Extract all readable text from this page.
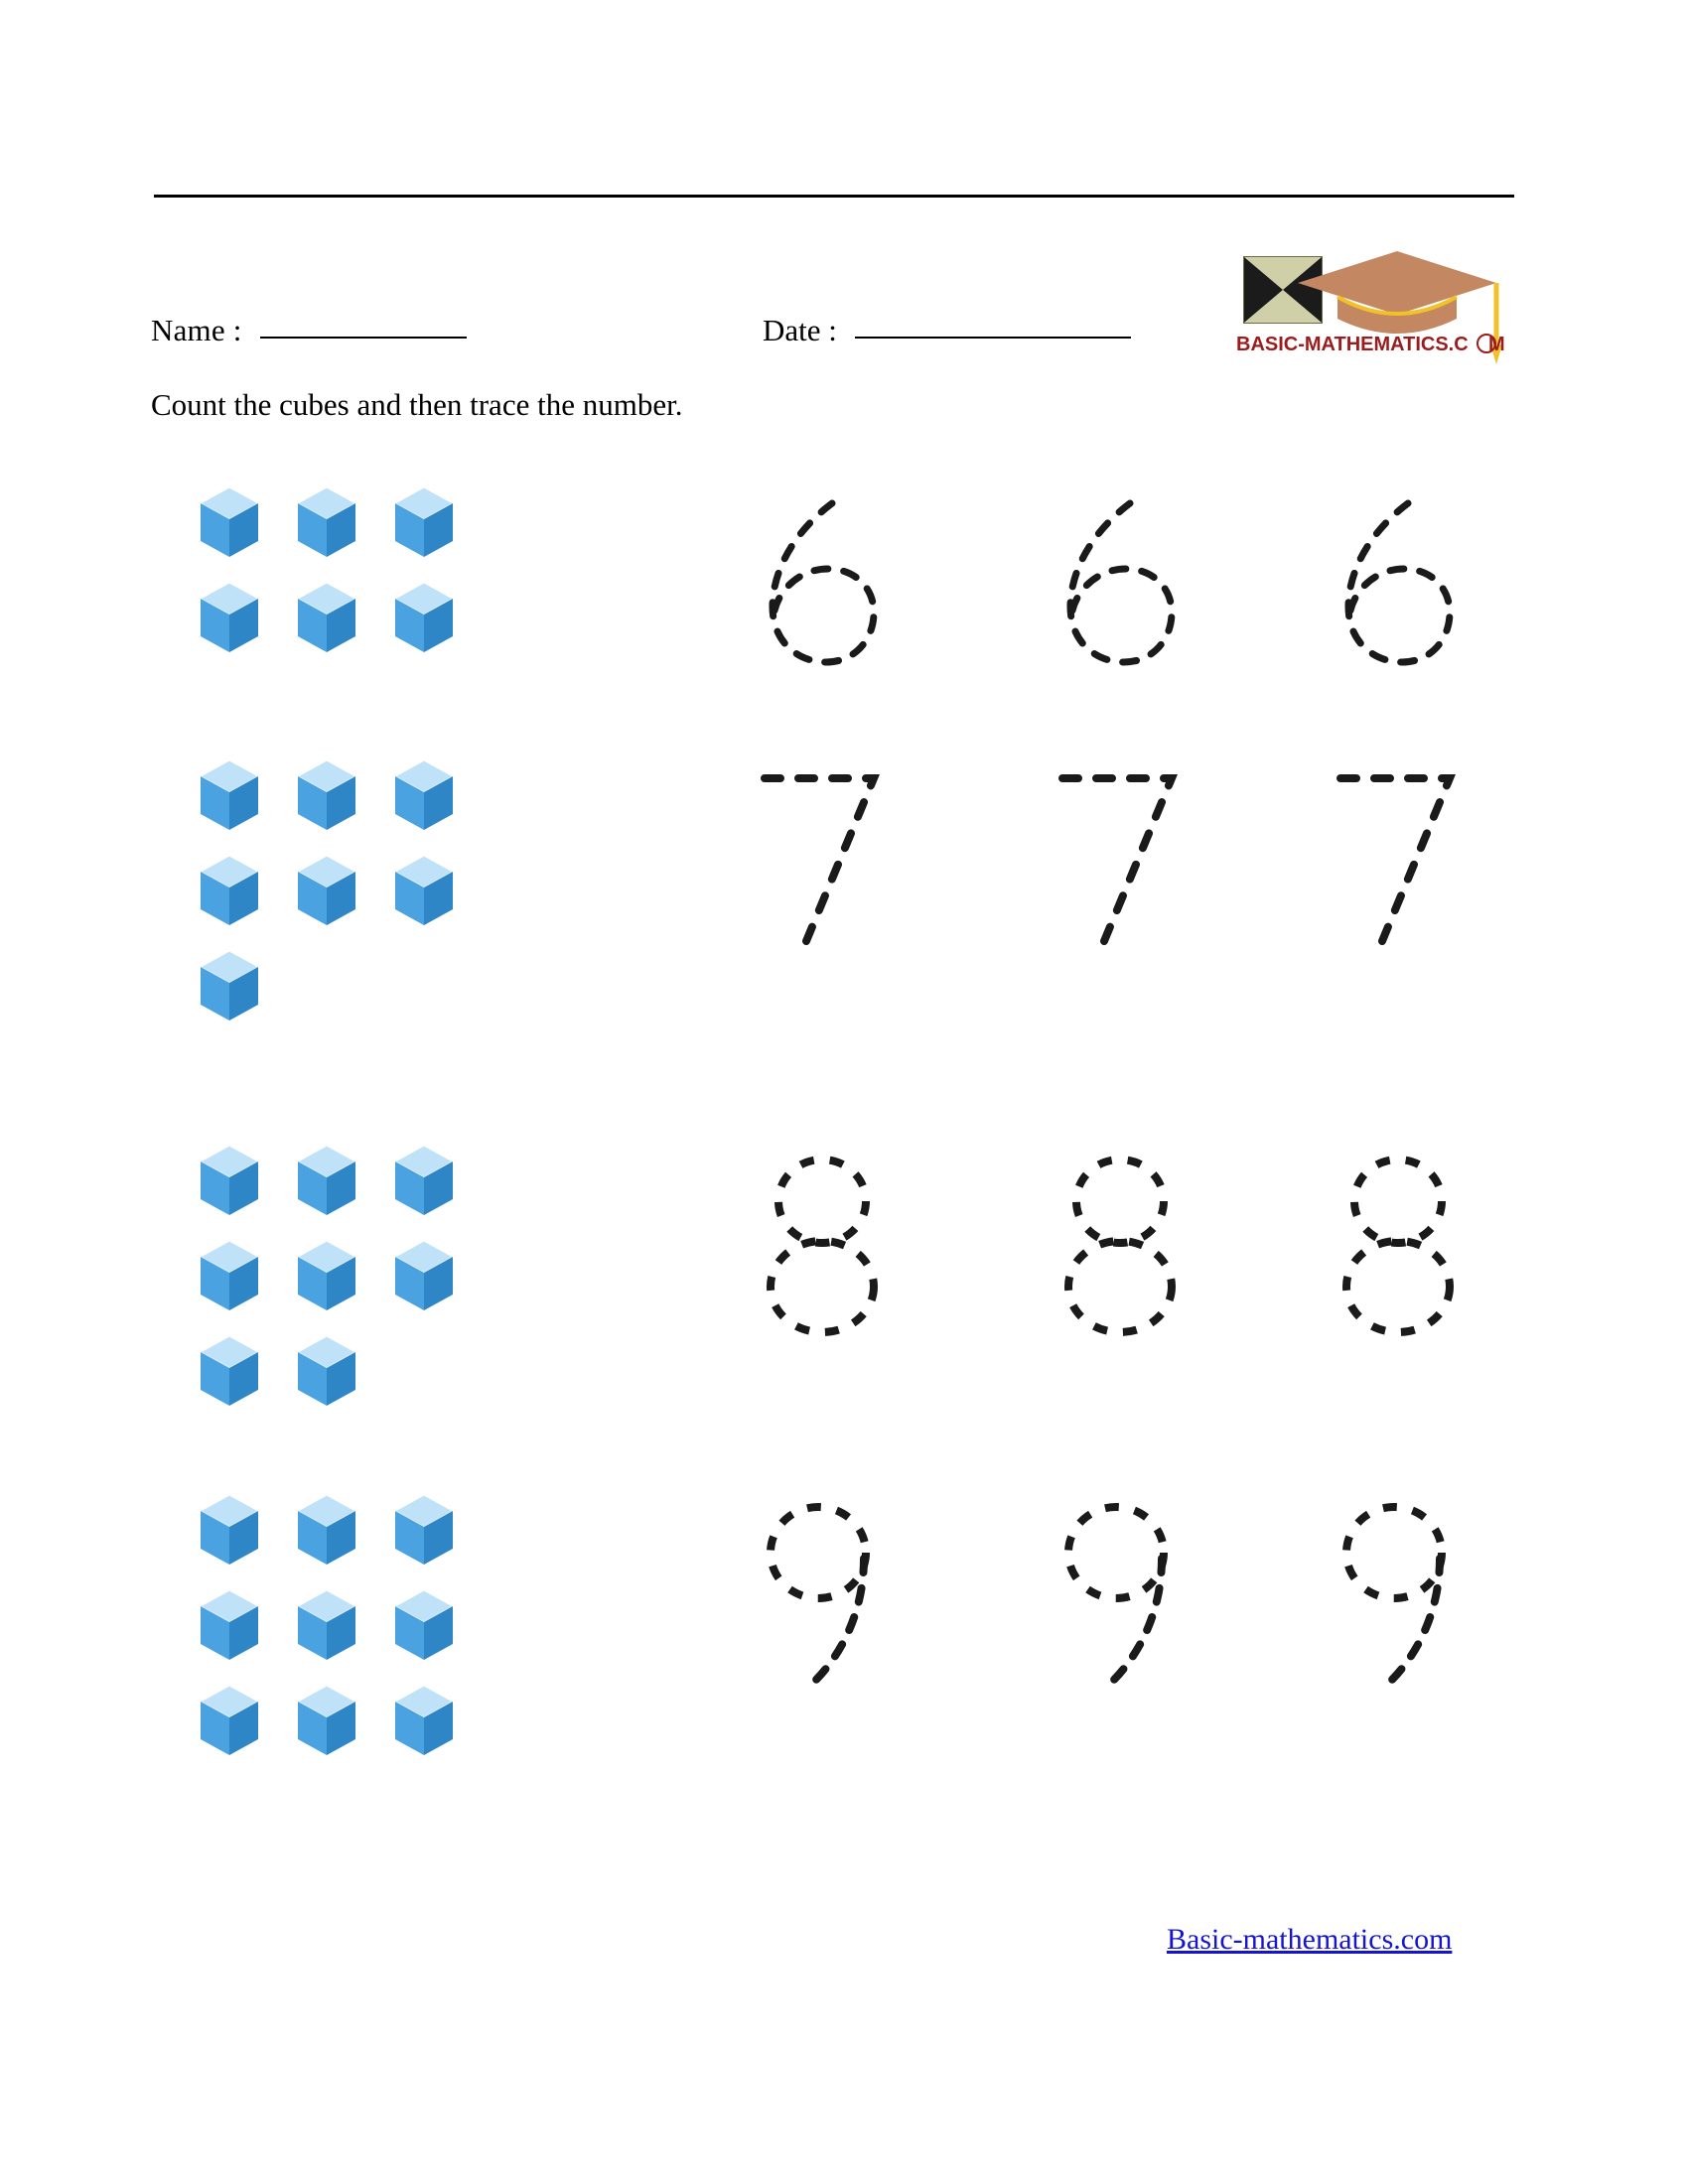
Name :	Date :
Count the cubes and then trace the number.
BASIC-MATHEMATICS.C M

Basic-mathematics.com
